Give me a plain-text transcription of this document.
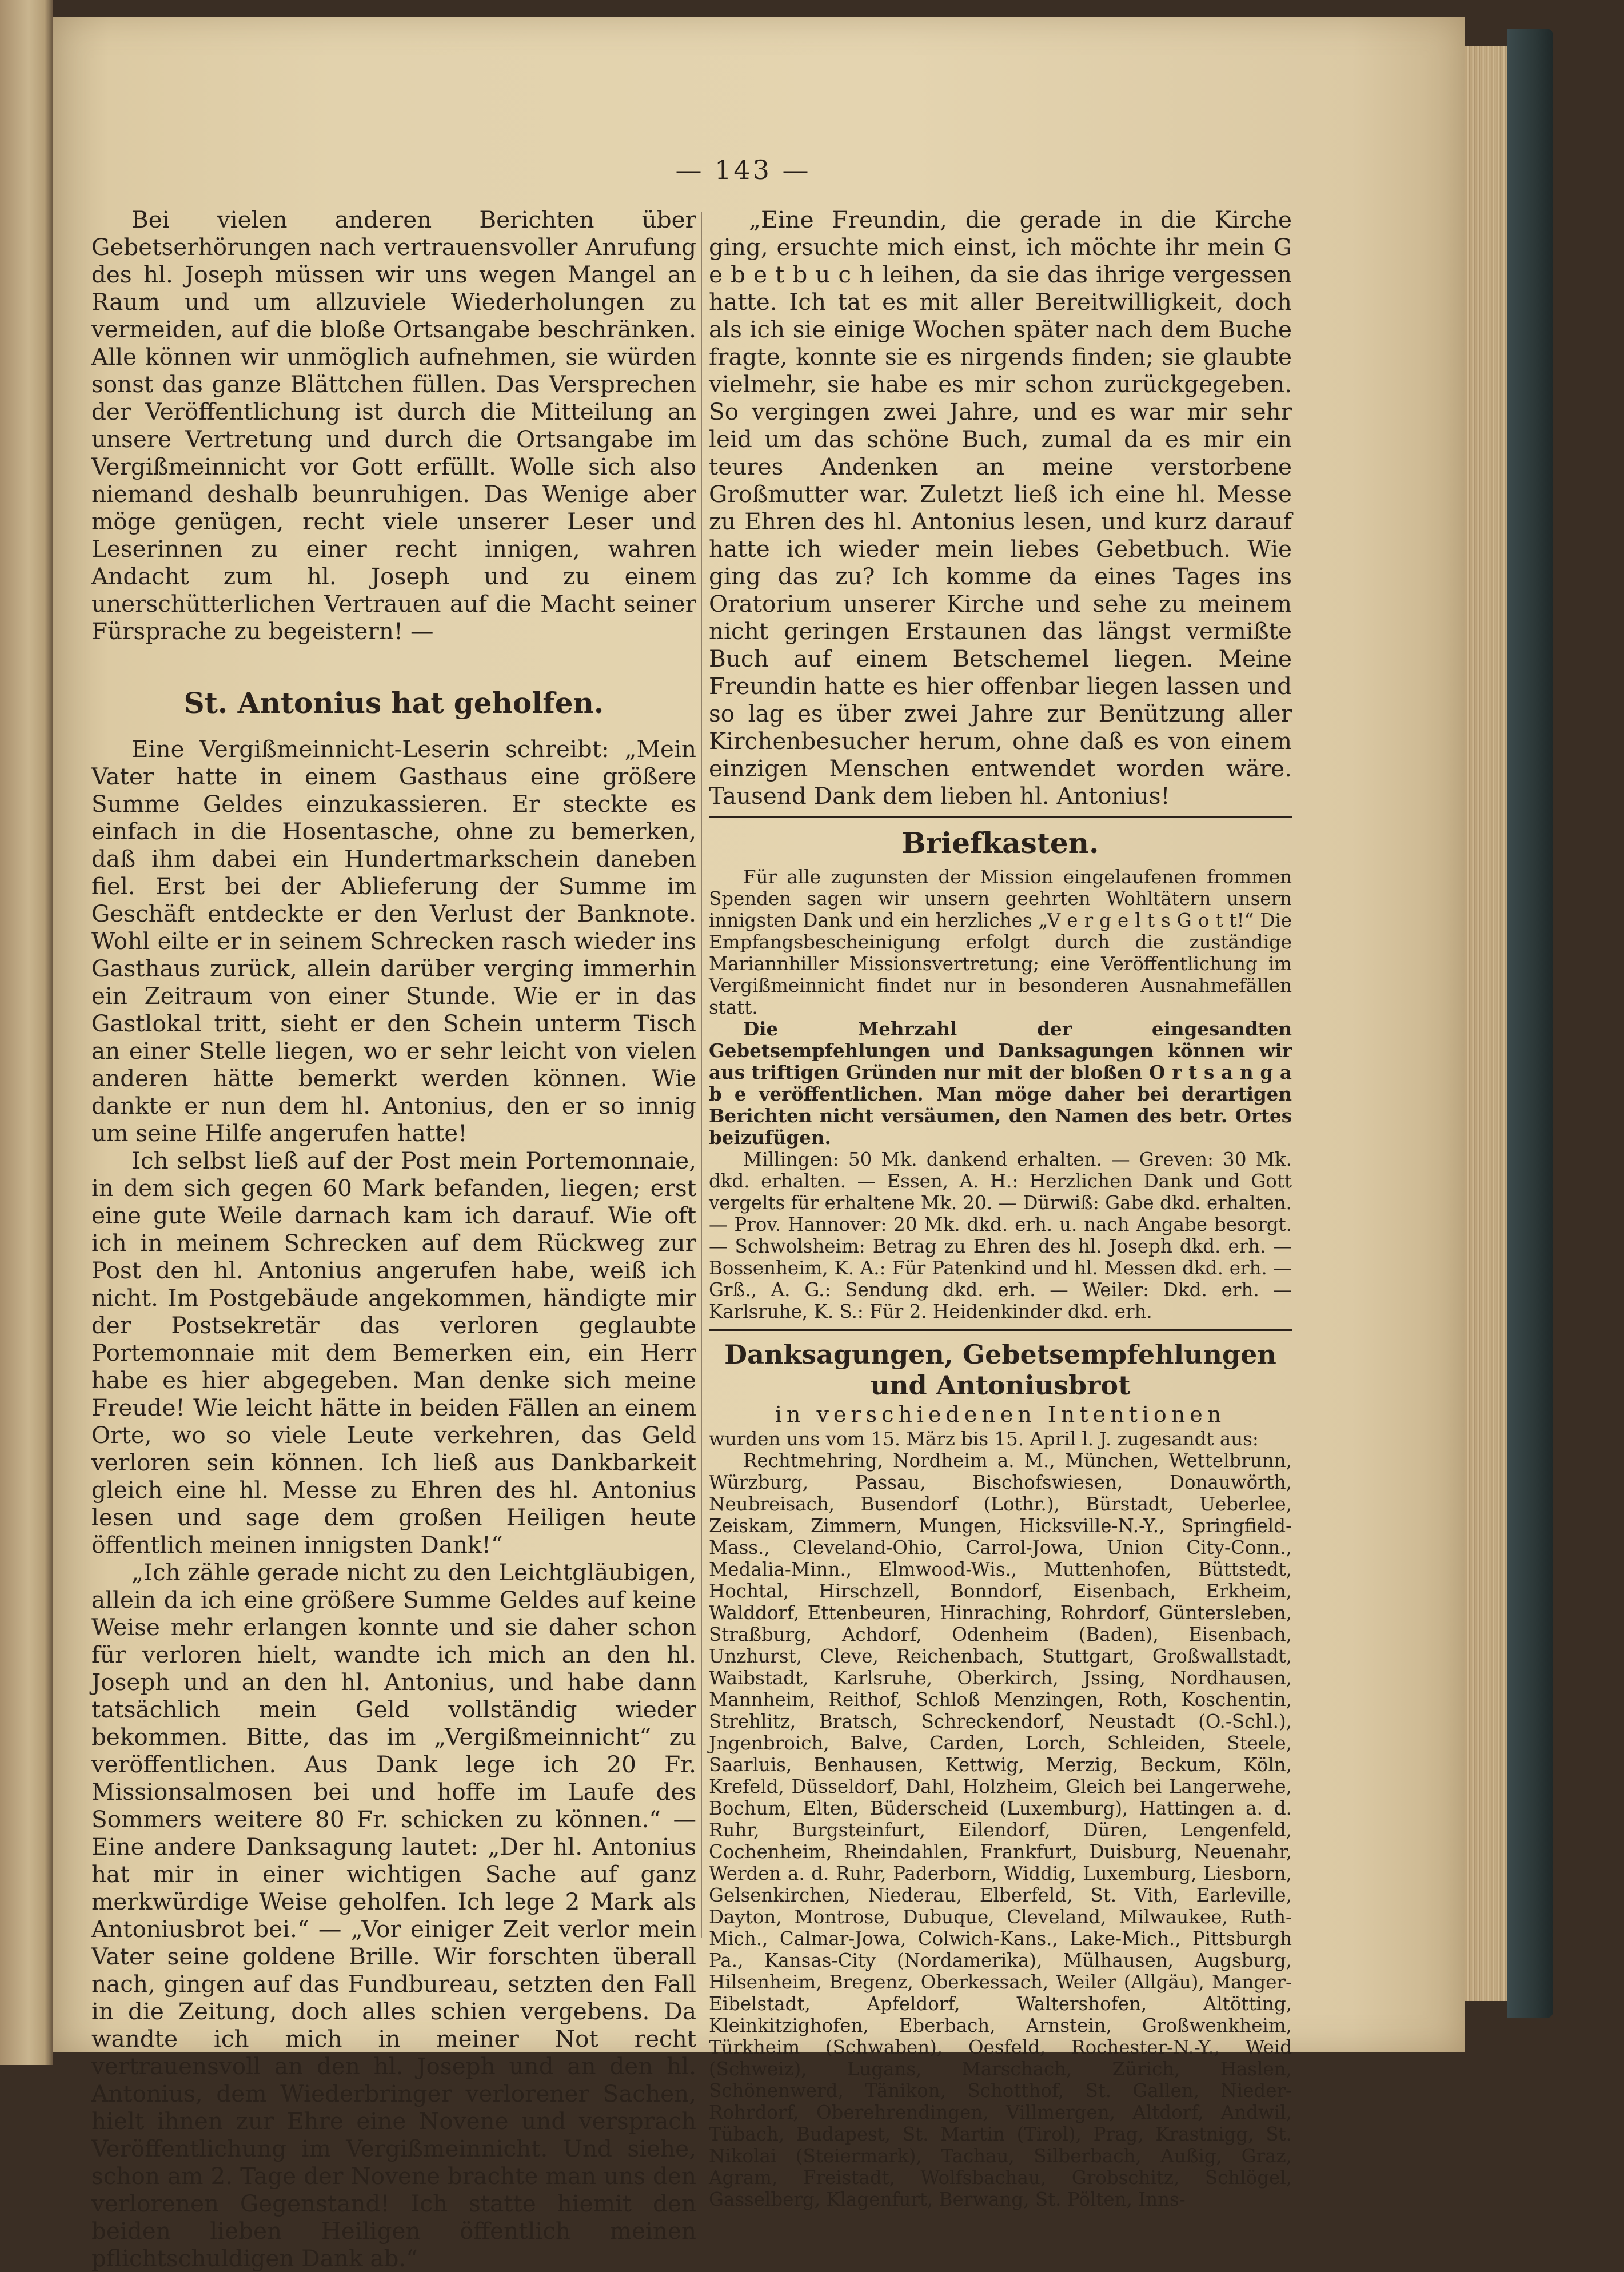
— 143 —

Bei vielen anderen Berichten über Gebetserhörungen nach vertrauensvoller Anrufung des hl. Joseph müssen wir uns wegen Mangel an Raum und um allzuviele Wiederholungen zu vermeiden, auf die bloße Ortsangabe beschränken. Alle können wir unmöglich aufnehmen, sie würden sonst das ganze Blättchen füllen. Das Versprechen der Veröffentlichung ist durch die Mitteilung an unsere Vertretung und durch die Ortsangabe im Vergißmeinnicht vor Gott erfüllt. Wolle sich also niemand deshalb beunruhigen. Das Wenige aber möge genügen, recht viele unserer Leser und Leserinnen zu einer recht innigen, wahren Andacht zum hl. Joseph und zu einem unerschütterlichen Vertrauen auf die Macht seiner Fürsprache zu begeistern! —

St. Antonius hat geholfen.

Eine Vergißmeinnicht-Leserin schreibt: „Mein Vater hatte in einem Gasthaus eine größere Summe Geldes einzukassieren. Er steckte es einfach in die Hosentasche, ohne zu bemerken, daß ihm dabei ein Hundertmarkschein daneben fiel. Erst bei der Ablieferung der Summe im Geschäft entdeckte er den Verlust der Banknote. Wohl eilte er in seinem Schrecken rasch wieder ins Gasthaus zurück, allein darüber verging immerhin ein Zeitraum von einer Stunde. Wie er in das Gastlokal tritt, sieht er den Schein unterm Tisch an einer Stelle liegen, wo er sehr leicht von vielen anderen hätte bemerkt werden können. Wie dankte er nun dem hl. Antonius, den er so innig um seine Hilfe angerufen hatte!

Ich selbst ließ auf der Post mein Portemonnaie, in dem sich gegen 60 Mark befanden, liegen; erst eine gute Weile darnach kam ich darauf. Wie oft ich in meinem Schrecken auf dem Rückweg zur Post den hl. Antonius angerufen habe, weiß ich nicht. Im Postgebäude angekommen, händigte mir der Postsekretär das verloren geglaubte Portemonnaie mit dem Bemerken ein, ein Herr habe es hier abgegeben. Man denke sich meine Freude! Wie leicht hätte in beiden Fällen an einem Orte, wo so viele Leute verkehren, das Geld verloren sein können. Ich ließ aus Dankbarkeit gleich eine hl. Messe zu Ehren des hl. Antonius lesen und sage dem großen Heiligen heute öffentlich meinen innigsten Dank!“

„Ich zähle gerade nicht zu den Leichtgläubigen, allein da ich eine größere Summe Geldes auf keine Weise mehr erlangen konnte und sie daher schon für verloren hielt, wandte ich mich an den hl. Joseph und an den hl. Antonius, und habe dann tatsächlich mein Geld vollständig wieder bekommen. Bitte, das im „Vergißmeinnicht“ zu veröffentlichen. Aus Dank lege ich 20 Fr. Missionsalmosen bei und hoffe im Laufe des Sommers weitere 80 Fr. schicken zu können.“ — Eine andere Danksagung lautet: „Der hl. Antonius hat mir in einer wichtigen Sache auf ganz merkwürdige Weise geholfen. Ich lege 2 Mark als Antoniusbrot bei.“ — „Vor einiger Zeit verlor mein Vater seine goldene Brille. Wir forschten überall nach, gingen auf das Fundbureau, setzten den Fall in die Zeitung, doch alles schien vergebens. Da wandte ich mich in meiner Not recht vertrauensvoll an den hl. Joseph und an den hl. Antonius, dem Wiederbringer verlorener Sachen, hielt ihnen zur Ehre eine Novene und versprach Veröffentlichung im Vergißmeinnicht. Und siehe, schon am 2. Tage der Novene brachte man uns den verlorenen Gegenstand! Ich statte hiemit den beiden lieben Heiligen öffentlich meinen pflichtschuldigen Dank ab.“

„Eine Freundin, die gerade in die Kirche ging, ersuchte mich einst, ich möchte ihr mein G e b e t b u c h leihen, da sie das ihrige vergessen hatte. Ich tat es mit aller Bereitwilligkeit, doch als ich sie einige Wochen später nach dem Buche fragte, konnte sie es nirgends finden; sie glaubte vielmehr, sie habe es mir schon zurückgegeben. So vergingen zwei Jahre, und es war mir sehr leid um das schöne Buch, zumal da es mir ein teures Andenken an meine verstorbene Großmutter war. Zuletzt ließ ich eine hl. Messe zu Ehren des hl. Antonius lesen, und kurz darauf hatte ich wieder mein liebes Gebetbuch. Wie ging das zu? Ich komme da eines Tages ins Oratorium unserer Kirche und sehe zu meinem nicht geringen Erstaunen das längst vermißte Buch auf einem Betschemel liegen. Meine Freundin hatte es hier offenbar liegen lassen und so lag es über zwei Jahre zur Benützung aller Kirchenbesucher herum, ohne daß es von einem einzigen Menschen entwendet worden wäre. Tausend Dank dem lieben hl. Antonius!

Briefkasten.

Für alle zugunsten der Mission eingelaufenen frommen Spenden sagen wir unsern geehrten Wohltätern unsern innigsten Dank und ein herzliches „V e r g e l t s G o t t!“ Die Empfangsbescheinigung erfolgt durch die zuständige Mariannhiller Missionsvertretung; eine Veröffentlichung im Vergißmeinnicht findet nur in besonderen Ausnahmefällen statt.

Die Mehrzahl der eingesandten Gebetsempfehlungen und Danksagungen können wir aus triftigen Gründen nur mit der bloßen O r t s a n g a b e veröffentlichen. Man möge daher bei derartigen Berichten nicht versäumen, den Namen des betr. Ortes beizufügen.

Millingen: 50 Mk. dankend erhalten. — Greven: 30 Mk. dkd. erhalten. — Essen, A. H.: Herzlichen Dank und Gott vergelts für erhaltene Mk. 20. — Dürwiß: Gabe dkd. erhalten. — Prov. Hannover: 20 Mk. dkd. erh. u. nach Angabe besorgt. — Schwolsheim: Betrag zu Ehren des hl. Joseph dkd. erh. — Bossenheim, K. A.: Für Patenkind und hl. Messen dkd. erh. — Grß., A. G.: Sendung dkd. erh. — Weiler: Dkd. erh. — Karlsruhe, K. S.: Für 2. Heidenkinder dkd. erh.

Danksagungen, Gebetsempfehlungen und Antoniusbrot
in verschiedenen Intentionen

wurden uns vom 15. März bis 15. April l. J. zugesandt aus:

Rechtmehring, Nordheim a. M., München, Wettelbrunn, Würzburg, Passau, Bischofswiesen, Donauwörth, Neubreisach, Busendorf (Lothr.), Bürstadt, Ueberlee, Zeiskam, Zimmern, Mungen, Hicksville-N.-Y., Springfield-Mass., Cleveland-Ohio, Carrol-Jowa, Union City-Conn., Medalia-Minn., Elmwood-Wis., Muttenhofen, Büttstedt, Hochtal, Hirschzell, Bonndorf, Eisenbach, Erkheim, Walddorf, Ettenbeuren, Hinraching, Rohrdorf, Güntersleben, Straßburg, Achdorf, Odenheim (Baden), Eisenbach, Unzhurst, Cleve, Reichenbach, Stuttgart, Großwallstadt, Waibstadt, Karlsruhe, Oberkirch, Jssing, Nordhausen, Mannheim, Reithof, Schloß Menzingen, Roth, Koschentin, Strehlitz, Bratsch, Schreckendorf, Neustadt (O.-Schl.), Jngenbroich, Balve, Carden, Lorch, Schleiden, Steele, Saarluis, Benhausen, Kettwig, Merzig, Beckum, Köln, Krefeld, Düsseldorf, Dahl, Holzheim, Gleich bei Langerwehe, Bochum, Elten, Büderscheid (Luxemburg), Hattingen a. d. Ruhr, Burgsteinfurt, Eilendorf, Düren, Lengenfeld, Cochenheim, Rheindahlen, Frankfurt, Duisburg, Neuenahr, Werden a. d. Ruhr, Paderborn, Widdig, Luxemburg, Liesborn, Gelsenkirchen, Niederau, Elberfeld, St. Vith, Earleville, Dayton, Montrose, Dubuque, Cleveland, Milwaukee, Ruth-Mich., Calmar-Jowa, Colwich-Kans., Lake-Mich., Pittsburgh Pa., Kansas-City (Nordamerika), Mülhausen, Augsburg, Hilsenheim, Bregenz, Oberkessach, Weiler (Allgäu), Manger-Eibelstadt, Apfeldorf, Waltershofen, Altötting, Kleinkitzighofen, Eberbach, Arnstein, Großwenkheim, Türkheim (Schwaben), Oesfeld, Rochester-N.-Y., Weid (Schweiz), Lugans, Marschach, Zürich, Haslen, Schönenwerd, Tänikon, Schotthof, St. Gallen, Nieder-Rohrdorf, Oberehrendingen, Villmergen, Altdorf, Andwil, Tübach, Budapest, St. Martin (Tirol), Prag, Krastnigg, St. Nikolai (Steiermark), Tachau, Silberbach, Außig, Graz, Agram, Freistadt, Wolfsbachau, Grobschitz, Schlögel, Gasselberg, Klagenfurt, Berwang, St. Pölten, Inns-
